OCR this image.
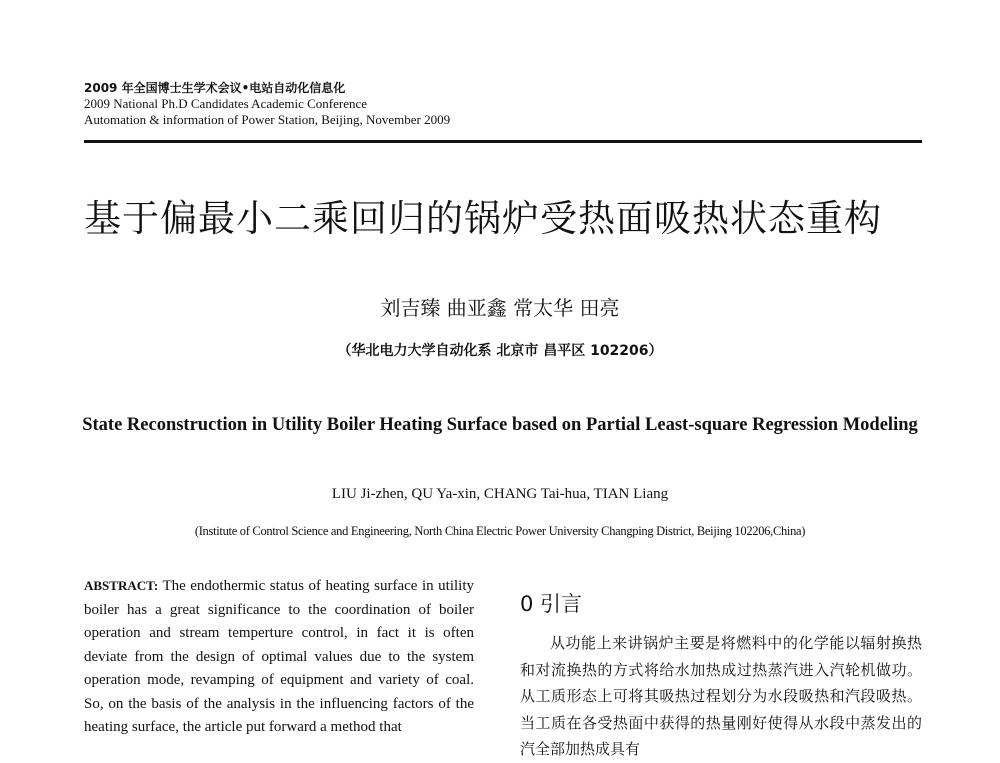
2009 年全国博士生学术会议•电站自动化信息化
2009 National Ph.D Candidates Academic Conference
Automation & information of Power Station, Beijing, November 2009
基于偏最小二乘回归的锅炉受热面吸热状态重构
刘吉臻 曲亚鑫 常太华 田亮
（华北电力大学自动化系 北京市 昌平区 102206）
State Reconstruction in Utility Boiler Heating Surface based on Partial Least-square Regression Modeling
LIU Ji-zhen, QU Ya-xin, CHANG Tai-hua, TIAN Liang
(Institute of Control Science and Engineering, North China Electric Power University Changping District, Beijing 102206,China)
ABSTRACT: The endothermic status of heating surface in utility boiler has a great significance to the coordination of boiler operation and stream temperture control, in fact it is often deviate from the design of optimal values due to the system operation mode, revamping of equipment and variety of coal. So, on the basis of the analysis in the influencing factors of the heating surface, the article put forward a method that
0 引言
从功能上来讲锅炉主要是将燃料中的化学能以辐射换热和对流换热的方式将给水加热成过热蒸汽进入汽轮机做功。从工质形态上可将其吸热过程划分为水段吸热和汽段吸热。当工质在各受热面中获得的热量刚好使得从水段中蒸发出的汽全部加热成具有
